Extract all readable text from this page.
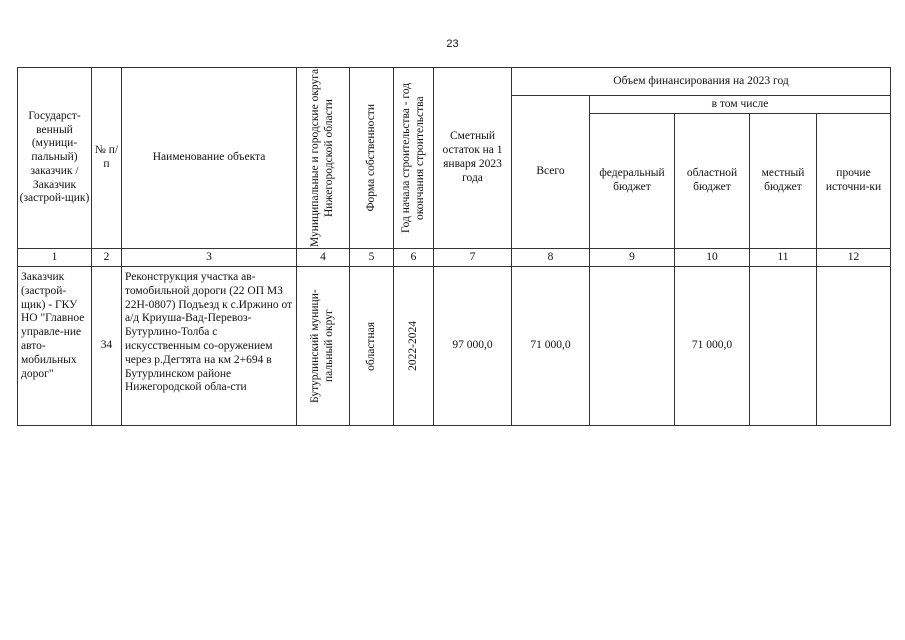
23
Государст-венный (муници-пальный) заказчик / Заказчик (застрой-щик)	№ п/п	Наименование объекта	Муниципальные и городские округа Нижегородской области	Форма собственности	Год начала строительства - год окончания строительства	Сметный остаток на 1 января 2023 года	Объем финансирования на 2023 год				
							Всего	в том числе			
								федеральный бюджет	областной бюджет	местный бюджет	прочие источни-ки
1	2	3	4	5	6	7	8	9	10	11	12
Заказчик (застрой-щик) - ГКУ НО "Главное управле-ние авто-мобильных дорог"	34	Реконструкция участка ав-томобильной дороги (22 ОП МЗ 22Н-0807) Подъезд к с.Иржино от а/д Криуша-Вад-Перевоз-Бутурлино-Толба с искусственным со-оружением через р.Дегтята на км 2+694 в Бутурлинском районе Нижегородской обла-сти	Бутурлинский муници-пальный округ	областная	2022-2024	97 000,0	71 000,0		71 000,0		
